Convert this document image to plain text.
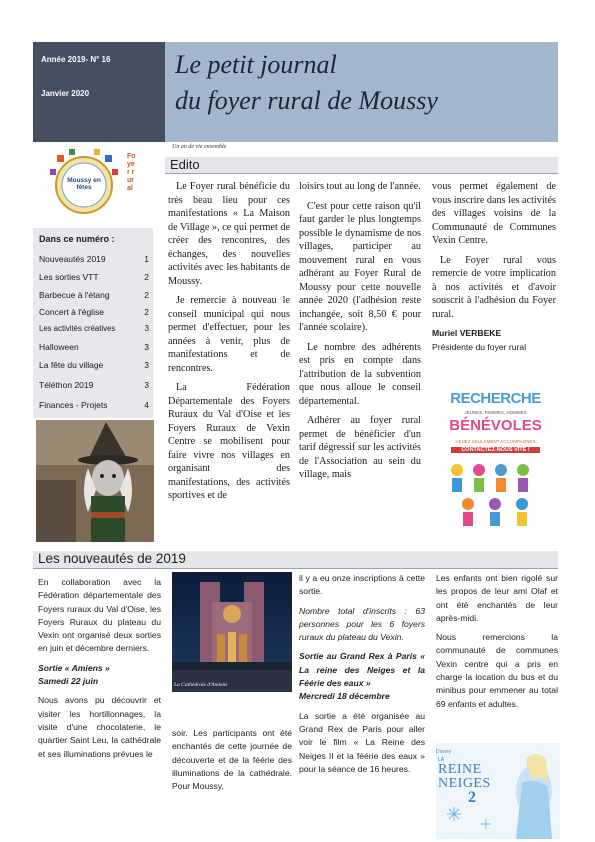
Année 2019- N° 16
Janvier 2020
Le petit journal
du foyer rural de Moussy
Un an de vie ensemble
Moussy en fêtes
Foyer rural
Dans ce numéro :
Nouveautés 2019	1
Les sorties VTT	2
Barbecue à l'étang	2
Concert à l'église	2
Les activités créatives	3
Halloween	3
La fête du village	3
Téléthon 2019	3
Finances - Projets	4
Edito

Le Foyer rural bénéficie du très beau lieu pour ces manifestations « La Maison de Village », ce qui permet de créer des rencontres, des échanges, des nouvelles activités avec les habitants de Moussy.

Je remercie à nouveau le conseil municipal qui nous permet d'effectuer, pour les années à venir, plus de manifestations et de rencontres.

La Fédération Départementale des Foyers Ruraux du Val d'Oise et les Foyers Ruraux de Vexin Centre se mobilisent pour faire vivre nos villages en organisant des manifestations, des activités sportives et de

loisirs tout au long de l'année.

C'est pour cette raison qu'il faut garder le plus longtemps possible le dynamisme de nos villages, participer au mouvement rural en vous adhérant au Foyer Rural de Moussy pour cette nouvelle année 2020 (l'adhésion reste inchangée, soit 8,50 € pour l'année scolaire).

Le nombre des adhérents est pris en compte dans l'attribution de la subvention que nous alloue le conseil départemental.

Adhérer au foyer rural permet de bénéficier d'un tarif dégressif sur les activités de l'Association au sein du village, mais

vous permet également de vous inscrire dans les activités des villages voisins de la Communauté de Communes Vexin Centre.

Le Foyer rural vous remercie de votre implication à nos activités et d'avoir souscrit à l'adhésion du Foyer rural.

Muriel VERBEKE
Présidente du foyer rural
RECHERCHE
JEUNES, FEMMES, HOMMES
BÉNÉVOLES
VENEZ SEULEMENT ACCOMPAGNÉS
CONTACTEZ-NOUS VITE !
Les nouveautés de 2019

En collaboration avec la Fédération départementale des Foyers ruraux du Val d'Oise, les Foyers Ruraux du plateau du Vexin ont organisé deux sorties en juin et décembre derniers.

Sortie « Amiens »
Samedi 22 juin

Nous avons pu découvrir et visiter les hortillonnages, la visite d'une chocolaterie, le quartier Saint Leu, la cathédrale et ses illuminations prévues le

La Cathédrale d'Amiens

soir. Les participants ont été enchantés de cette journée de découverte et de la féérie des illuminations de la cathédrale. Pour Moussy,

il y a eu onze inscriptions à cette sortie.

Nombre total d'inscrits : 63 personnes pour les 6 foyers ruraux du plateau du Vexin.

Sortie au Grand Rex à Paris « La reine des Neiges et la Féérie des eaux »
Mercredi 18 décembre

La sortie a été organisée au Grand Rex de Paris pour aller voir le film « La Reine des Neiges II et la féérie des eaux » pour la séance de 16 heures.

Les enfants ont bien rigolé sur les propos de leur ami Olaf et ont été enchantés de leur après-midi.

Nous remercions la communauté de communes Vexin centre qui a pris en charge la location du bus et du minibus pour emmener au total 69 enfants et adultes.

Disney
LA
REINE NEIGES
2
